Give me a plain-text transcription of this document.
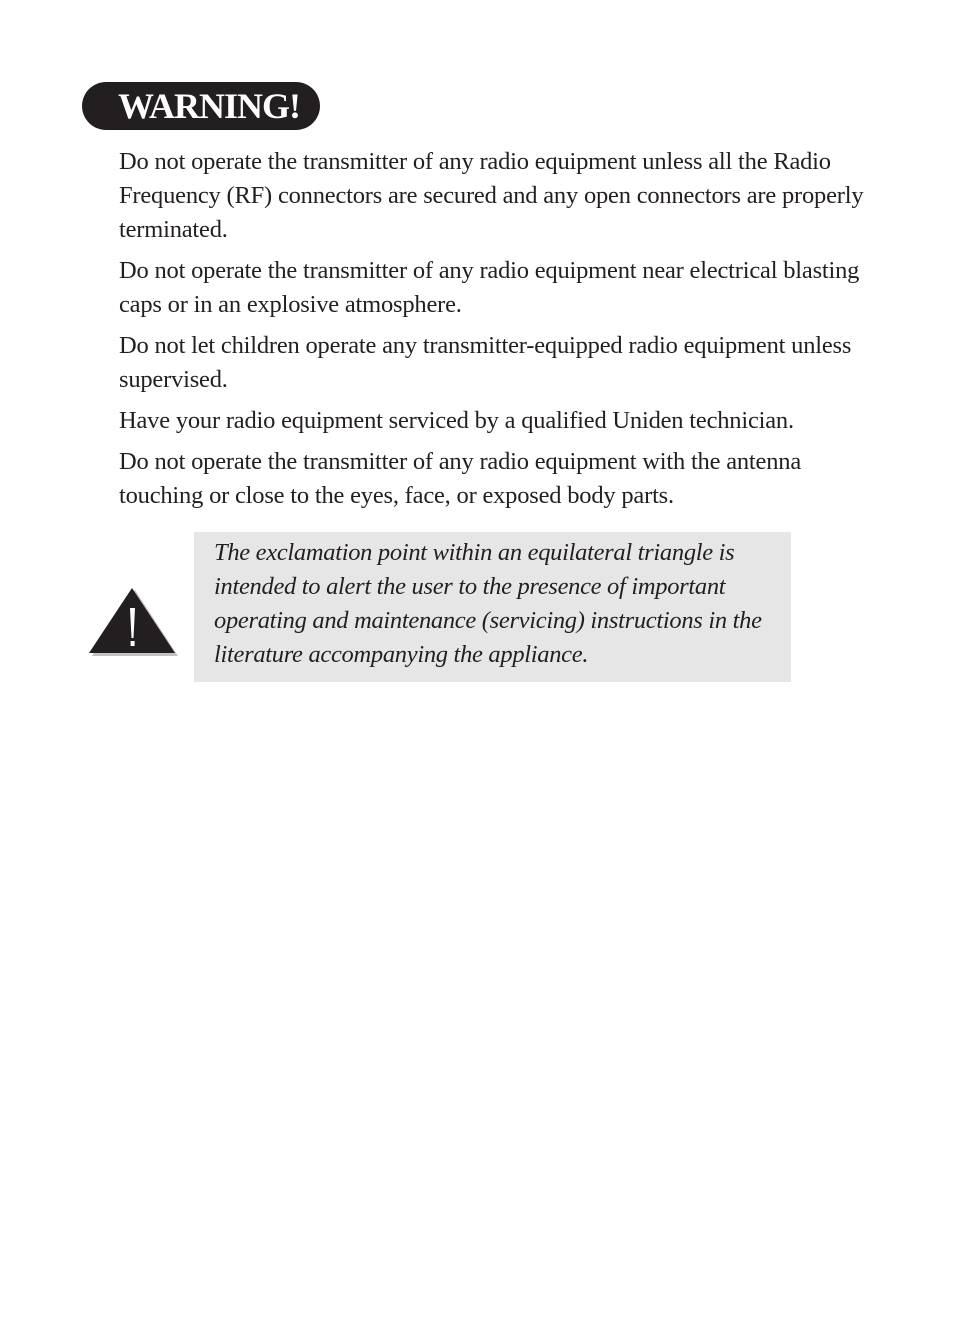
WARNING!

Do not operate the transmitter of any radio equipment unless all the Radio Frequency (RF) connectors are secured and any open connectors are properly terminated.

Do not operate the transmitter of any radio equipment near electrical blasting caps or in an explosive atmosphere.

Do not let children operate any transmitter-equipped radio equipment unless supervised.

Have your radio equipment serviced by a qualified Uniden technician.

Do not operate the transmitter of any radio equipment with the antenna touching or close to the eyes, face, or exposed body parts.

The exclamation point within an equilateral triangle is intended to alert the user to the presence of important operating and maintenance (servicing) instructions in the literature accompanying the appliance.
